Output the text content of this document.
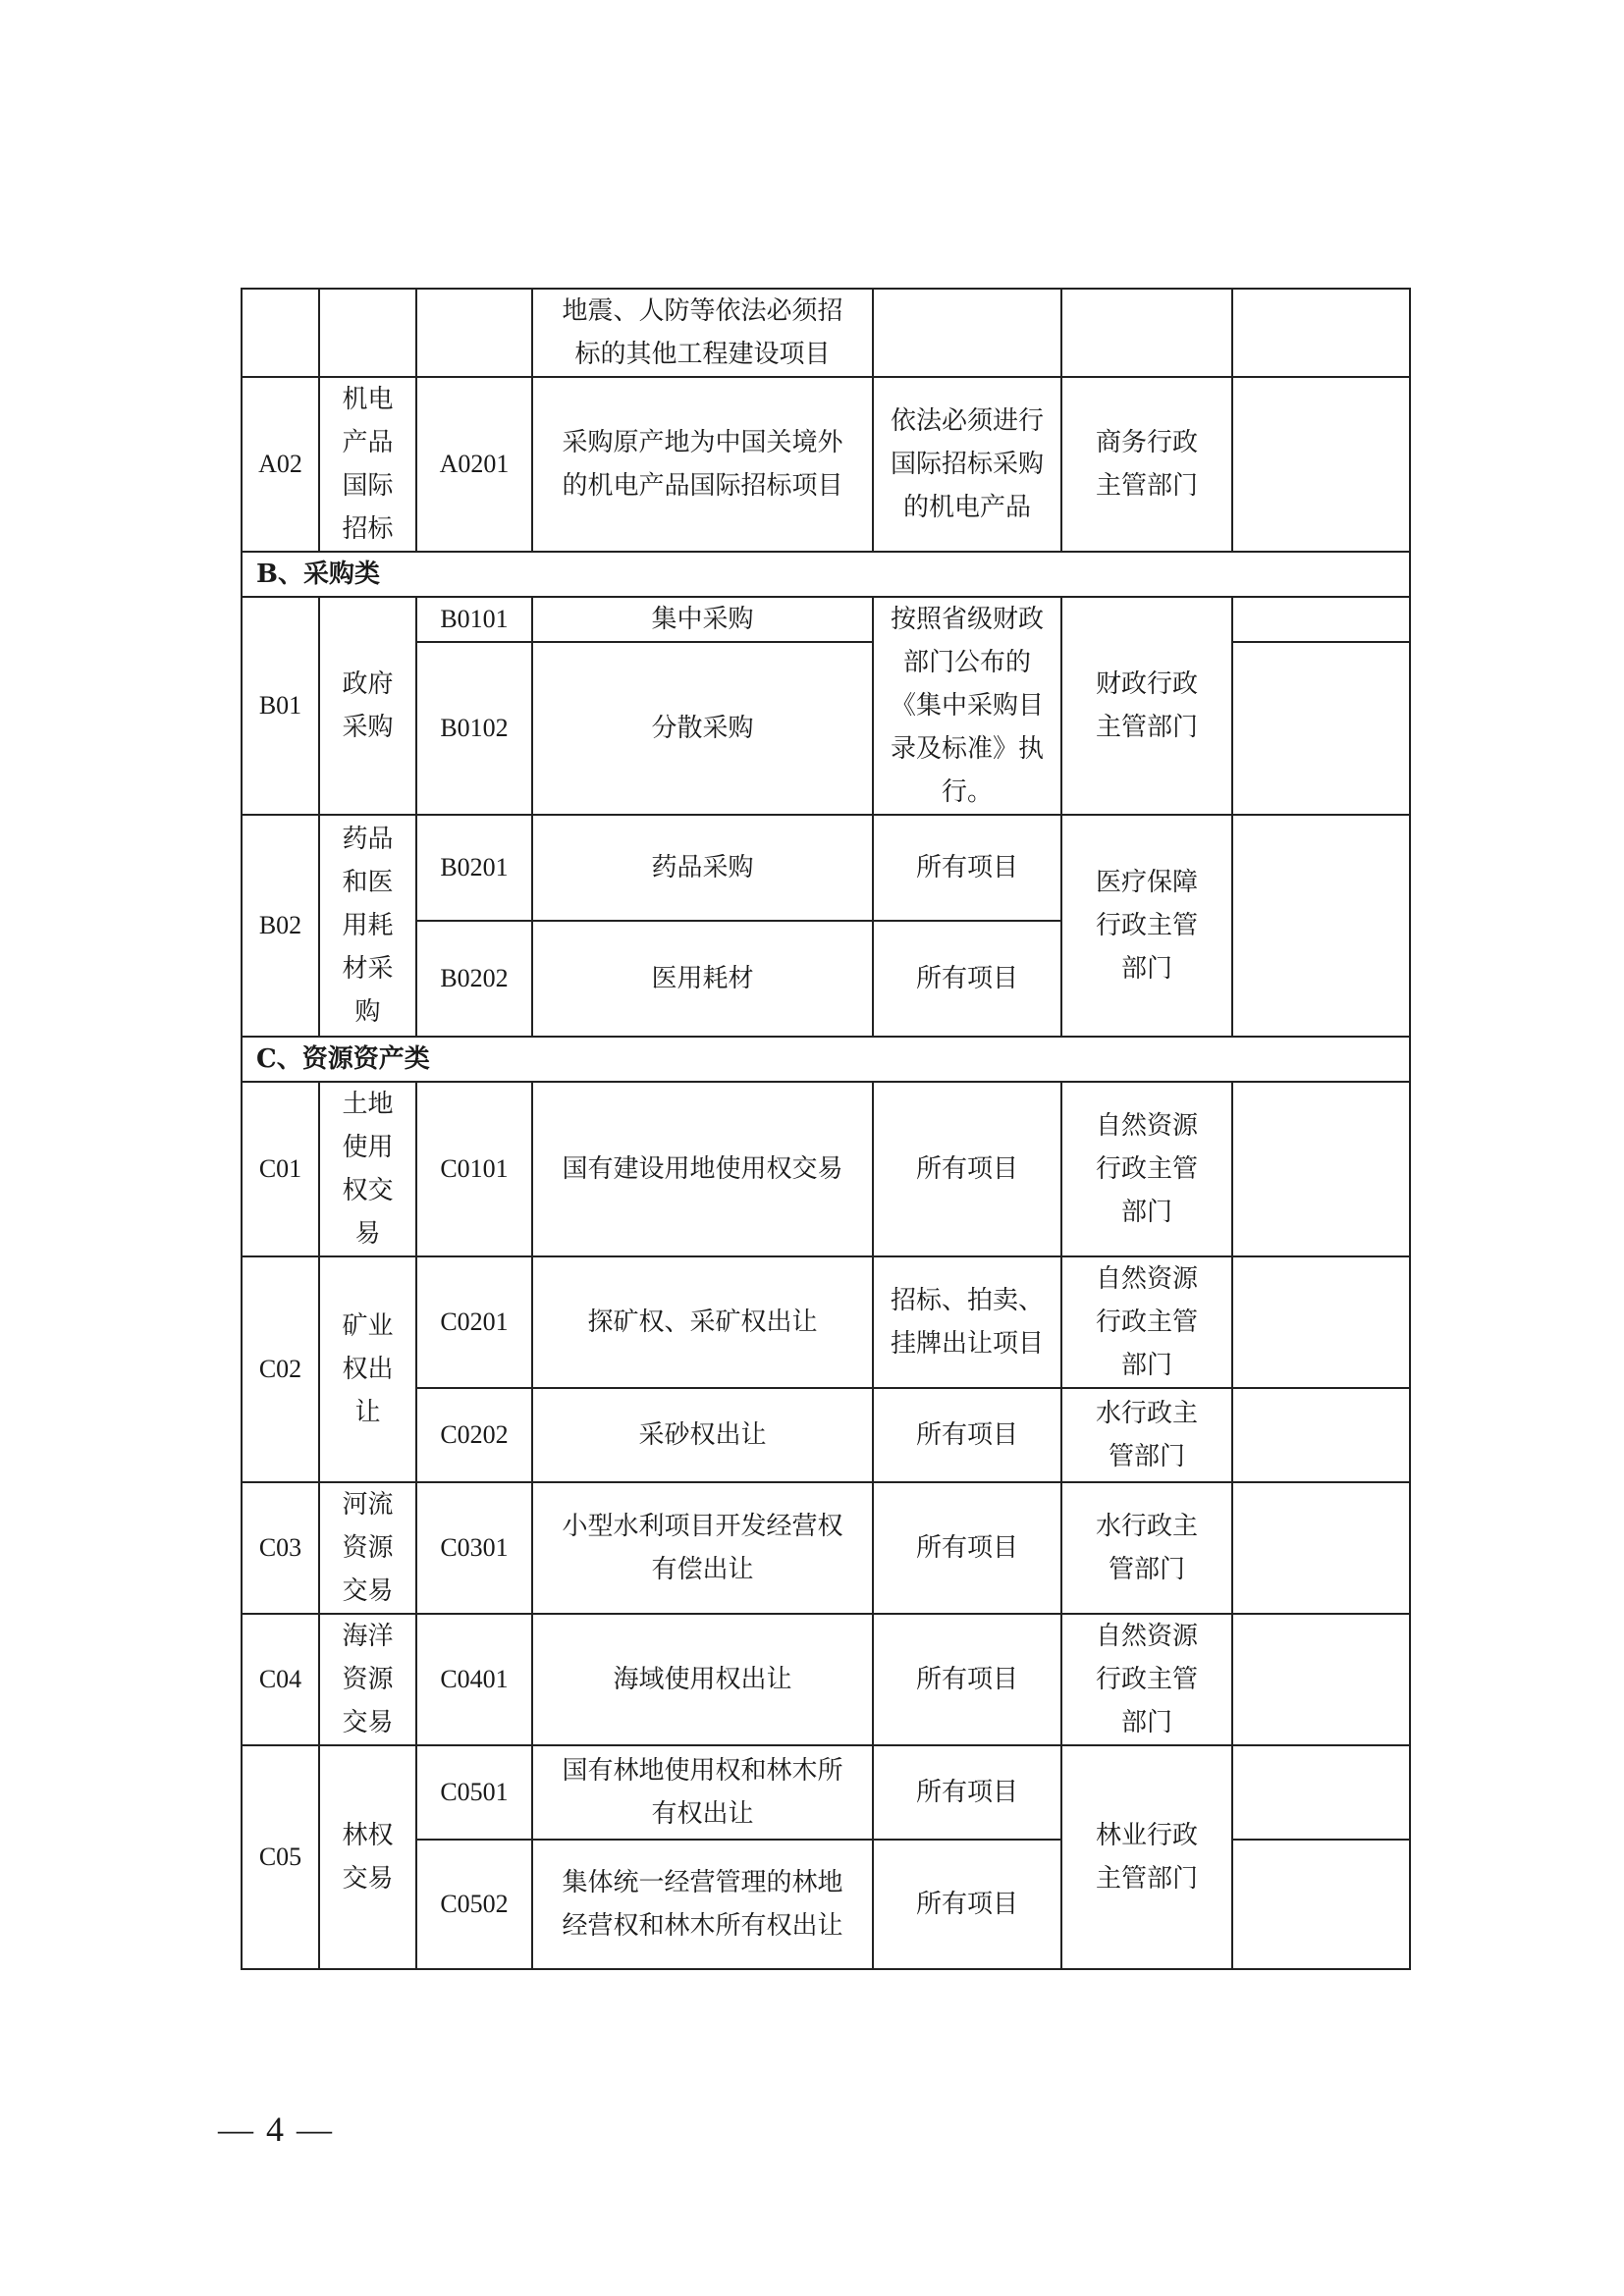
			地震、人防等依法必须招标的其他工程建设项目			
A02	机电产品国际招标	A0201	采购原产地为中国关境外的机电产品国际招标项目	依法必须进行国际招标采购的机电产品	商务行政主管部门	
B、采购类						
B01	政府采购	B0101	集中采购	按照省级财政部门公布的《集中采购目录及标准》执行。	财政行政主管部门	
		B0102	分散采购			
B02	药品和医用耗材采购	B0201	药品采购	所有项目	医疗保障行政主管部门	
		B0202	医用耗材	所有项目		
C、资源资产类						
C01	土地使用权交易	C0101	国有建设用地使用权交易	所有项目	自然资源行政主管部门	
C02	矿业权出让	C0201	探矿权、采矿权出让	招标、拍卖、挂牌出让项目	自然资源行政主管部门	
		C0202	采砂权出让	所有项目	水行政主管部门	
C03	河流资源交易	C0301	小型水利项目开发经营权有偿出让	所有项目	水行政主管部门	
C04	海洋资源交易	C0401	海域使用权出让	所有项目	自然资源行政主管部门	
C05	林权交易	C0501	国有林地使用权和林木所有权出让	所有项目	林业行政主管部门	
		C0502	集体统一经营管理的林地经营权和林木所有权出让	所有项目		
— 4 —
